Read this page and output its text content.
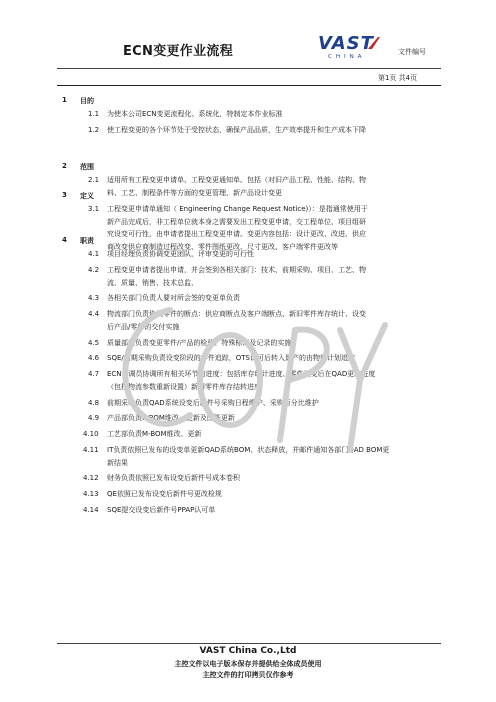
ECN变更作业流程	VAST
CHINA
文件编号
第1页 共4页
1 目的
1.1 为使本公司ECN变更流程化、系统化，特制定本作业标准
1.2 使工程变更的各个环节处于受控状态，确保产品品质，生产效率提升和生产成本下降
2 范围
2.1 适用所有工程变更申请单、工程变更通知单。包括（对旧产品工程、性能、结构、物
料、工艺、制程条件等方面的变更管理、新产品设计变更
3 定义
3.1 工程变更申请单通知（ Engineering Change Request Notice)）：是指通常使用于
新产品完成后，非工程单位就本身之需要发出工程变更申请，交工程单位、项目组研
究设变可行性，由申请者提出工程变更申请。变更内容包括：设计更改、改进、供应
商改变供应商制造过程改变、零件图纸更改、尺寸更改、客户端零件更改等
4 职责
4.1 项目经理负责协调变更团队，评审变更的可行性
4.2 工程变更申请者提出申请，并会签到各相关部门：技术、前期采购、项目、工艺、物
流、质量、销售、技术总监、
4.3 各相关部门负责人要对所会签的变更单负责
4.4 物流部门负责协调零件的断点：供应商断点及客户端断点、新旧零件库存统计、设变
后产品/零件的交付实施
4.5 质量部门负责变更零件/产品的检验、特殊标识及记录的实施
4.6 SQE/前期采购负责设变阶段的样件追踪，OTS认可后转入量产的由物料计划追踪
4.7 ECN协调员协调所有相关环节的进度：包括库存统计进度、零件设变后在QAD更改进度
（包括物流参数重新设置）新旧零件库存结转进度
4.8 前期采购负责QAD系统设变后新件号采购日程维护、采购百分比维护
4.9 产品部负责E-BOM维改、更新及图纸更新
4.10 工艺部负责M-BOM维改、更新
4.11 IT负责依照已发布的设变单更新QAD系统BOM、状态释放，并邮件通知各部门QAD BOM更
新结果
4.12 财务负责依照已发布设变后新件号成本卷积
4.13 QE依照已发布设变后新件号更改检规
4.14 SQE提交设变后新件号PPAP认可单
VAST China Co.,Ltd
主控文件以电子版本保存并提供给全体成员使用
主控文件的打印拷贝仅作参考
